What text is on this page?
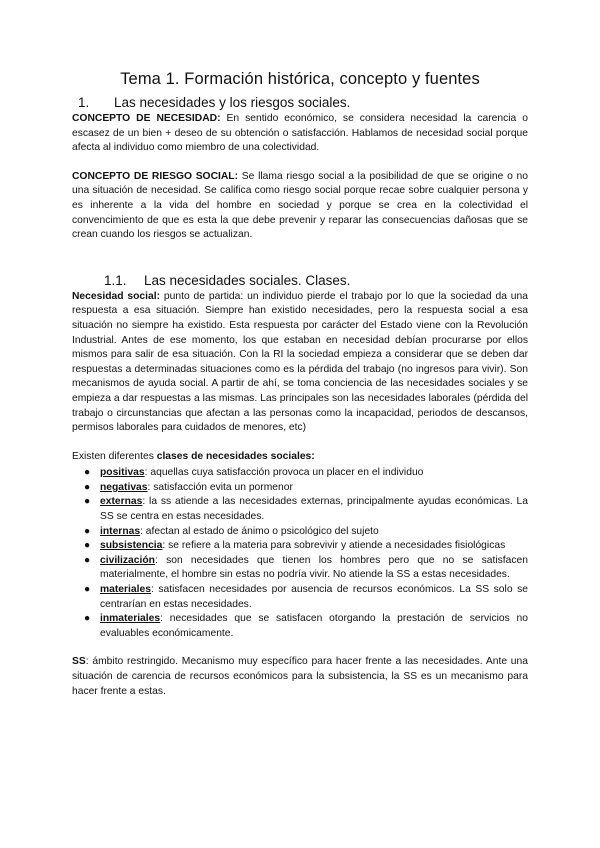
Tema 1. Formación histórica, concepto y fuentes
1.	Las necesidades y los riesgos sociales.

CONCEPTO DE NECESIDAD: En sentido económico, se considera necesidad la carencia o escasez de un bien + deseo de su obtención o satisfacción. Hablamos de necesidad social porque afecta al individuo como miembro de una colectividad.

CONCEPTO DE RIESGO SOCIAL: Se llama riesgo social a la posibilidad de que se origine o no una situación de necesidad. Se califica como riesgo social porque recae sobre cualquier persona y es inherente a la vida del hombre en sociedad y porque se crea en la colectividad el convencimiento de que es esta la que debe prevenir y reparar las consecuencias dañosas que se crean cuando los riesgos se actualizan.

1.1.	Las necesidades sociales. Clases.

Necesidad social: punto de partida: un individuo pierde el trabajo por lo que la sociedad da una respuesta a esa situación. Siempre han existido necesidades, pero la respuesta social a esa situación no siempre ha existido. Esta respuesta por carácter del Estado viene con la Revolución Industrial. Antes de ese momento, los que estaban en necesidad debían procurarse por ellos mismos para salir de esa situación. Con la RI la sociedad empieza a considerar que se deben dar respuestas a determinadas situaciones como es la pérdida del trabajo (no ingresos para vivir). Son mecanismos de ayuda social. A partir de ahí, se toma conciencia de las necesidades sociales y se empieza a dar respuestas a las mismas. Las principales son las necesidades laborales (pérdida del trabajo o circunstancias que afectan a las personas como la incapacidad, periodos de descansos, permisos laborales para cuidados de menores, etc)

Existen diferentes clases de necesidades sociales:

● positivas: aquellas cuya satisfacción provoca un placer en el individuo
● negativas: satisfacción evita un pormenor
● externas: la ss atiende a las necesidades externas, principalmente ayudas económicas. La SS se centra en estas necesidades.
● internas: afectan al estado de ánimo o psicológico del sujeto
● subsistencia: se refiere a la materia para sobrevivir y atiende a necesidades fisiológicas
● civilización: son necesidades que tienen los hombres pero que no se satisfacen materialmente, el hombre sin estas no podría vivir. No atiende la SS a estas necesidades.
● materiales: satisfacen necesidades por ausencia de recursos económicos. La SS solo se centrarían en estas necesidades.
● inmateriales: necesidades que se satisfacen otorgando la prestación de servicios no evaluables económicamente.

SS: ámbito restringido. Mecanismo muy específico para hacer frente a las necesidades. Ante una situación de carencia de recursos económicos para la subsistencia, la SS es un mecanismo para hacer frente a estas.
